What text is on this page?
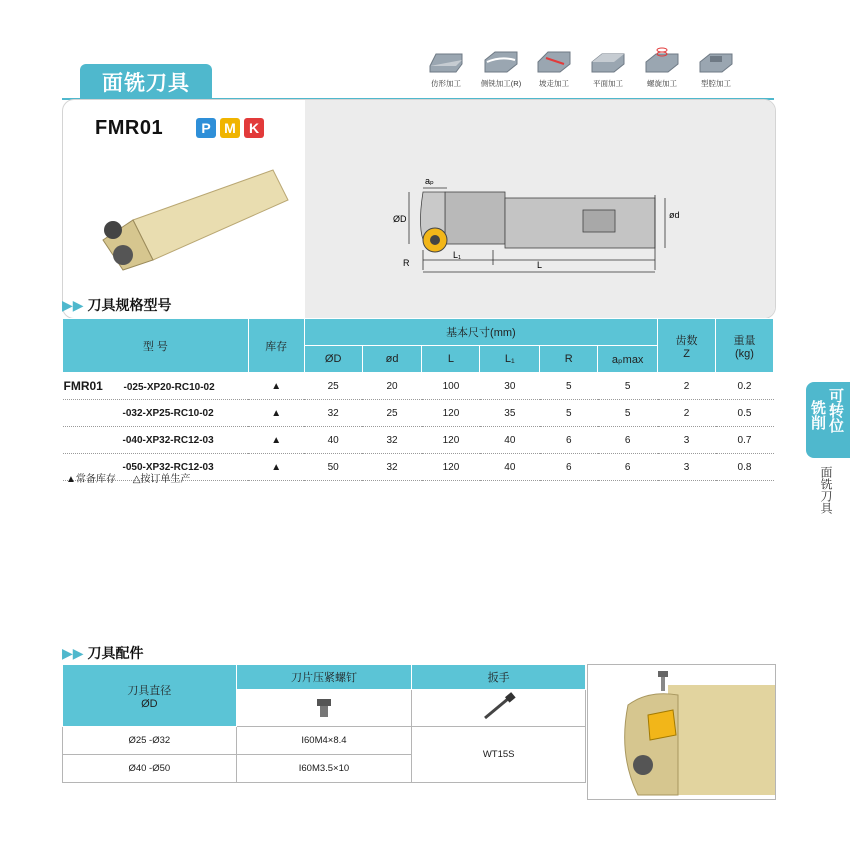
面铣刀具	仿形加工	侧铣加工(R)	坡走加工	平面加工	螺旋加工	型腔加工
aₚ
ØD	ød
R
L₁
L
FMR01	P M K
▶▶ 刀具规格型号
型 号	库存	基本尺寸(mm)						齿数
Z	重量
(kg)
		ØD	ød	L	L₁	R	aₚmax		
FMR01 -025-XP20-RC10-02	▲	25	20	100	30	5	5	2	0.2
-032-XP25-RC10-02	▲	32	25	120	35	5	5	2	0.5
-040-XP32-RC12-03	▲	40	32	120	40	6	6	3	0.7
-050-XP32-RC12-03	▲	50	32	120	40	6	6	3	0.8
▲常备库存 △按订单生产
▶▶ 刀具配件
刀具直径
ØD	刀片压紧螺钉	扳手

Ø25 -Ø32	I60M4×8.4	WT15S
Ø40 -Ø50	I60M3.5×10	
可转位
铣削
面铣刀具
